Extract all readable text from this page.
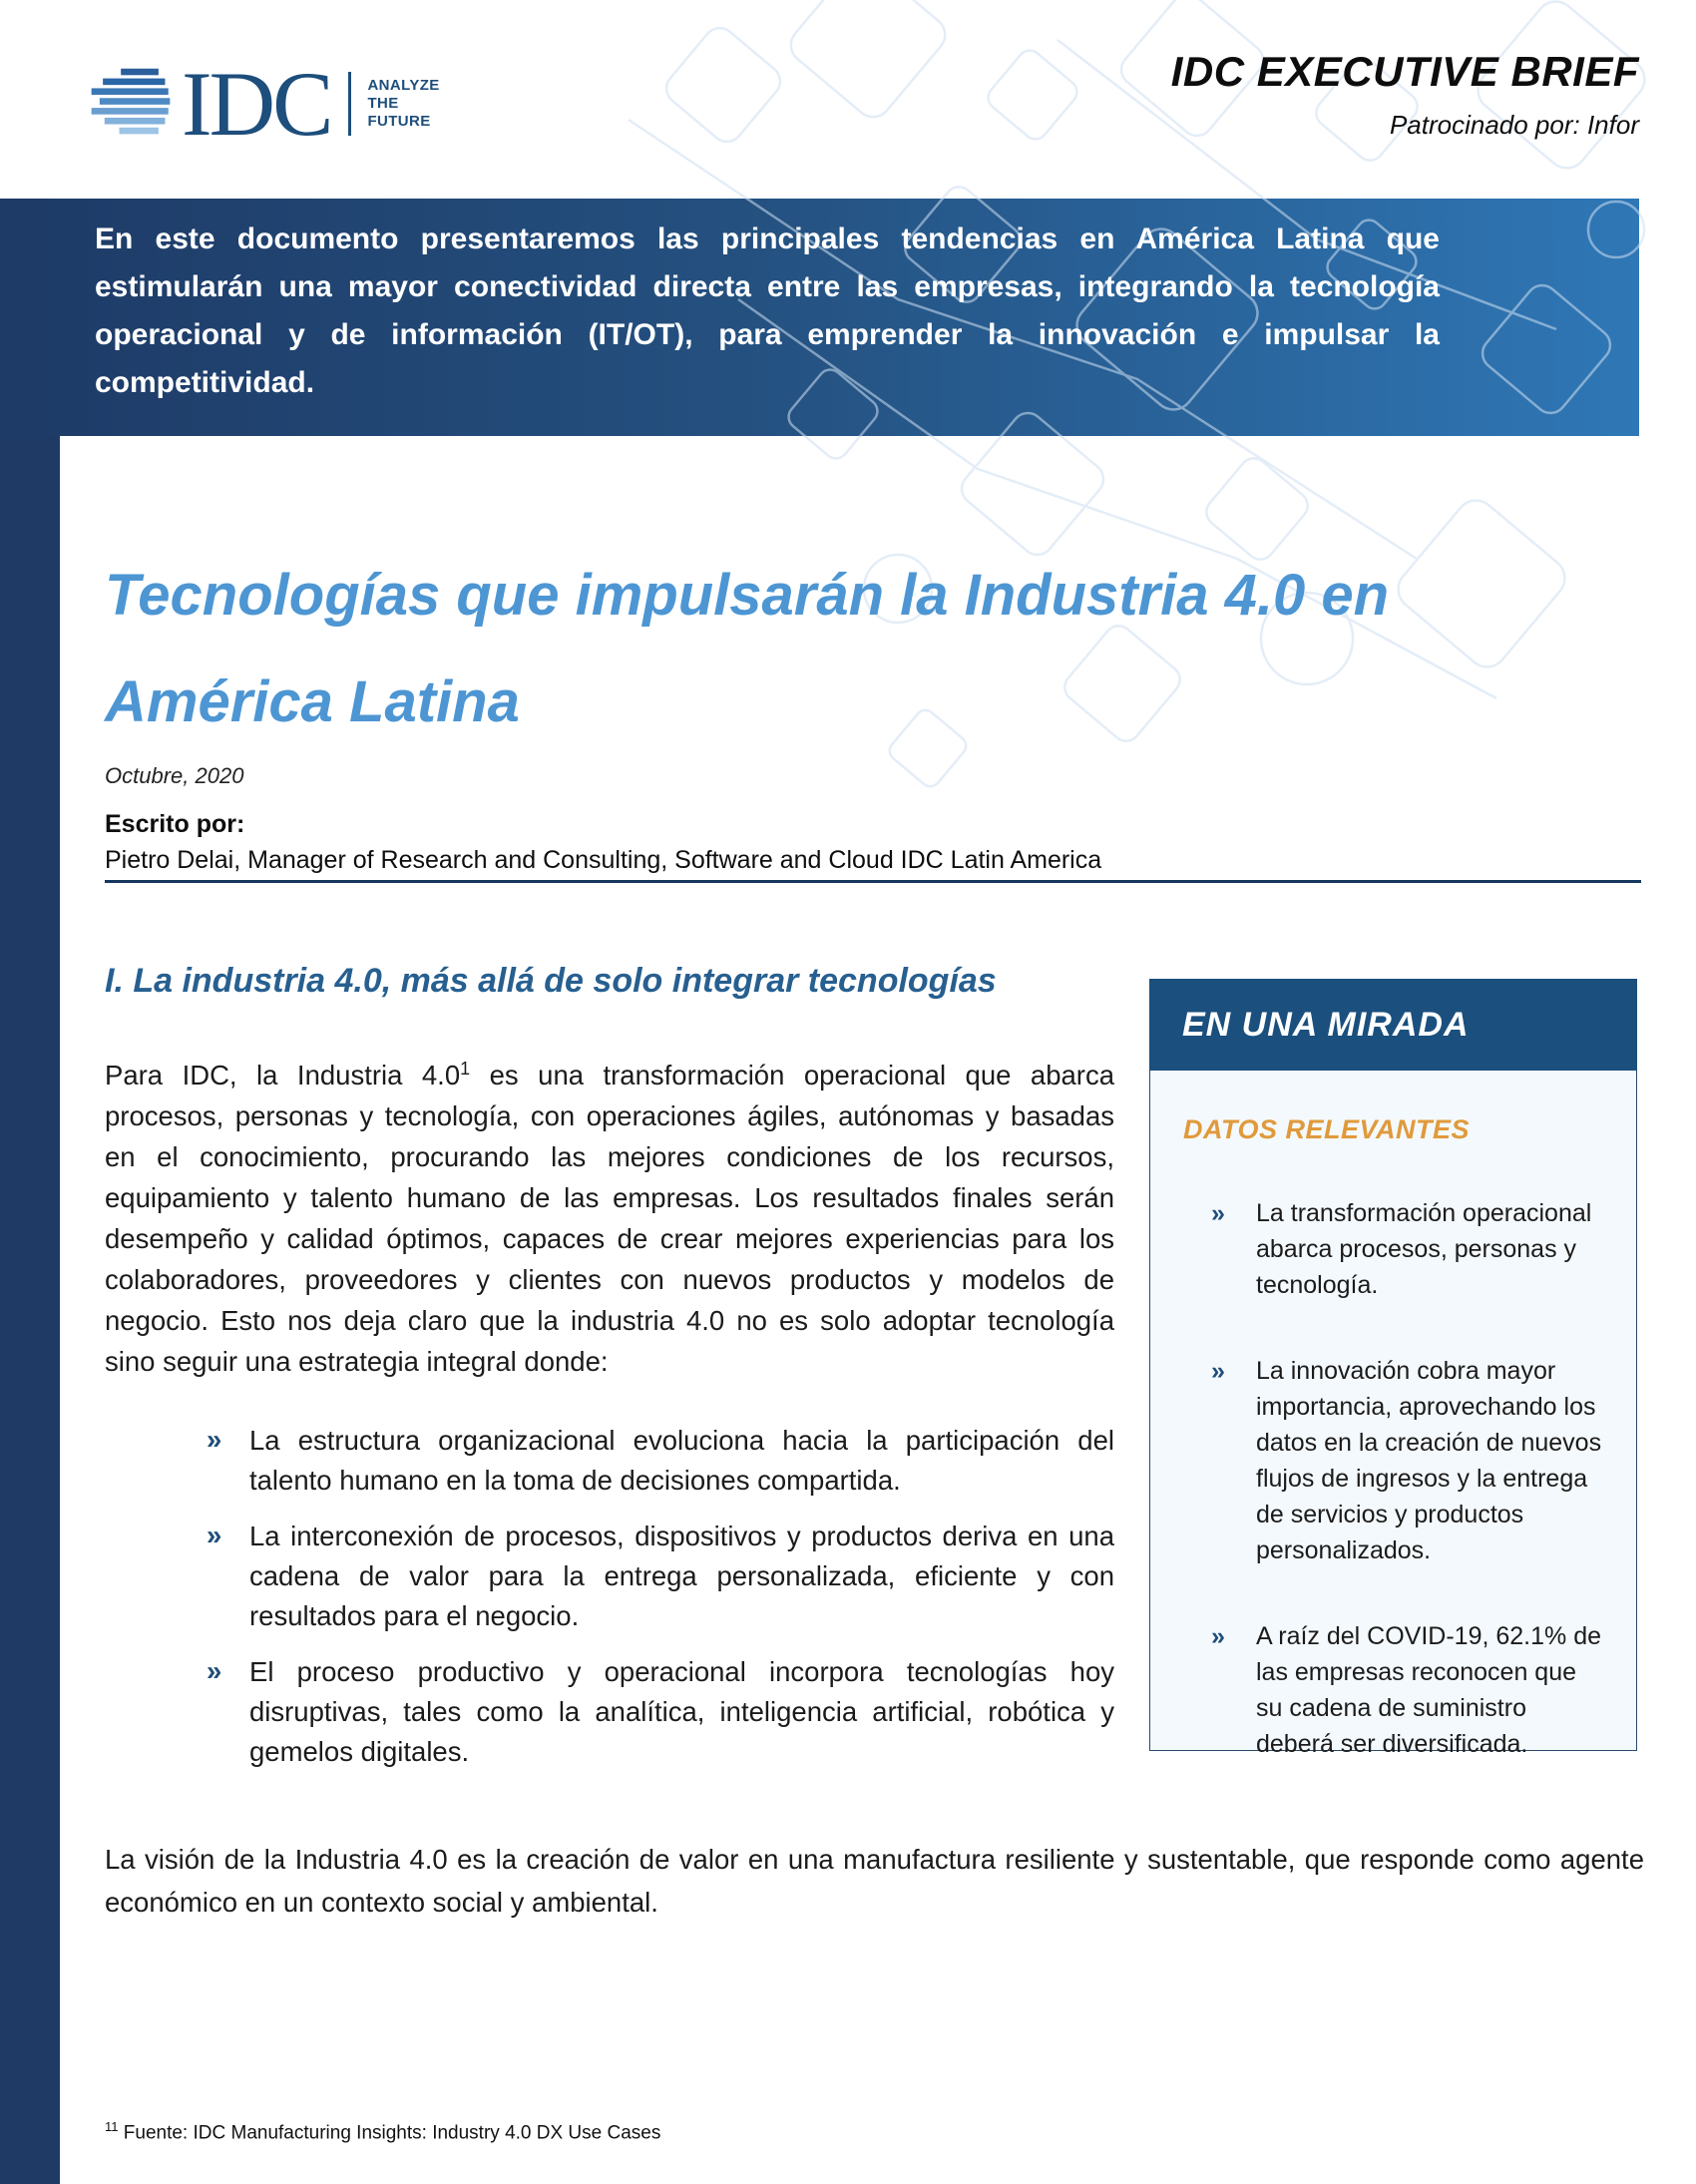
En este documento presentaremos las principales tendencias en América Latina que estimularán una mayor conectividad directa entre las empresas, integrando la tecnología operacional y de información (IT/OT), para emprender la innovación e impulsar la competitividad.

IDC ANALYZE
THE
FUTURE
IDC EXECUTIVE BRIEF
Patrocinado por: Infor
Tecnologías que impulsarán la Industria 4.0 en América Latina
Octubre, 2020
Escrito por:
Pietro Delai, Manager of Research and Consulting, Software and Cloud IDC Latin America
I. La industria 4.0, más allá de solo integrar tecnologías

Para IDC, la Industria $4.0^1$ es una transformación operacional que abarca procesos, personas y tecnología, con operaciones ágiles, autónomas y basadas en el conocimiento, procurando las mejores condiciones de los recursos, equipamiento y talento humano de las empresas. Los resultados finales serán desempeño y calidad óptimos, capaces de crear mejores experiencias para los colaboradores, proveedores y clientes con nuevos productos y modelos de negocio. Esto nos deja claro que la industria 4.0 no es solo adoptar tecnología sino seguir una estrategia integral donde:

» La estructura organizacional evoluciona hacia la participación del talento humano en la toma de decisiones compartida.
» La interconexión de procesos, dispositivos y productos deriva en una cadena de valor para la entrega personalizada, eficiente y con resultados para el negocio.
» El proceso productivo y operacional incorpora tecnologías hoy disruptivas, tales como la analítica, inteligencia artificial, robótica y gemelos digitales.
EN UNA MIRADA
DATOS RELEVANTES
» La transformación operacional abarca procesos, personas y tecnología.
» La innovación cobra mayor importancia, aprovechando los datos en la creación de nuevos flujos de ingresos y la entrega de servicios y productos personalizados.
» A raíz del COVID-19, 62.1% de las empresas reconocen que su cadena de suministro deberá ser diversificada.

La visión de la Industria 4.0 es la creación de valor en una manufactura resiliente y sustentable, que responde como agente económico en un contexto social y ambiental.

$^{11}$ Fuente: IDC Manufacturing Insights: Industry 4.0 DX Use Cases
